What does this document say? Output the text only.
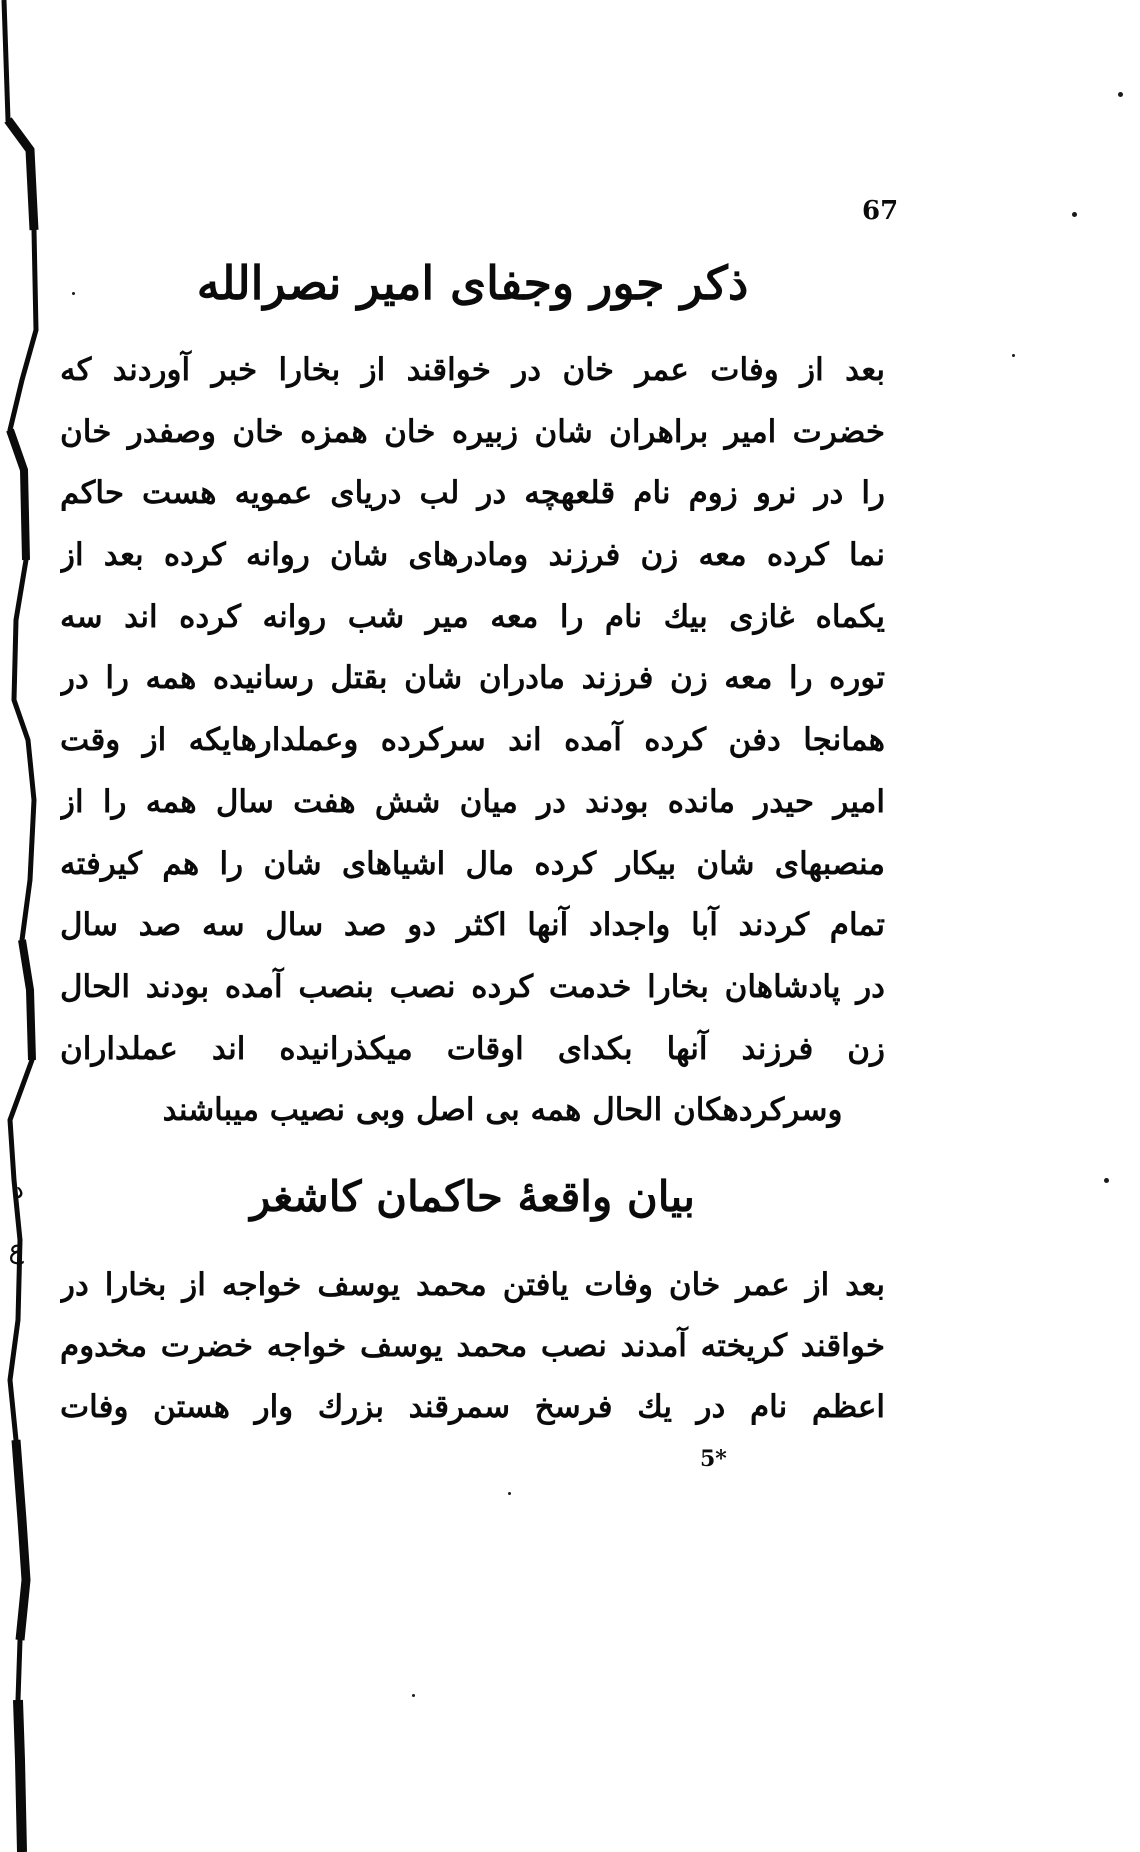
د
ع
67
ذکر جور وجفای امیر نصرالله
بعد از وفات عمر خان در خواقند از بخارا خبر آوردند که
خضرت امیر براهران شان زبیره خان همزه خان وصفدر خان
را در نرو زوم نام قلعهچه در لب دریای عمویه هست حاکم
نما کرده معه زن فرزند ومادرهای شان روانه کرده بعد از
یکماه غازی بیك نام را معه میر شب روانه کرده اند سه
توره را معه زن فرزند مادران شان بقتل رسانیده همه را در
همانجا دفن کرده آمده اند سرکرده وعملدارهایکه از وقت
امیر حیدر مانده بودند در میان شش هفت سال همه را از
منصبهای شان بیکار کرده مال اشیاهای شان را هم کیرفته
تمام کردند آبا واجداد آنها اکثر دو صد سال سه صد سال
در پادشاهان بخارا خدمت کرده نصب بنصب آمده بودند الحال
زن فرزند آنها بکدای اوقات میکذرانیده اند عملداران
وسرکردهکان الحال همه بی اصل وبی نصیب میباشند
بیان واقعهٔ حاکمان کاشغر
بعد از عمر خان وفات یافتن محمد یوسف خواجه از بخارا در
خواقند کریخته آمدند نصب محمد یوسف خواجه خضرت مخدوم
اعظم نام در یك فرسخ سمرقند بزرك وار هستن وفات
5*
